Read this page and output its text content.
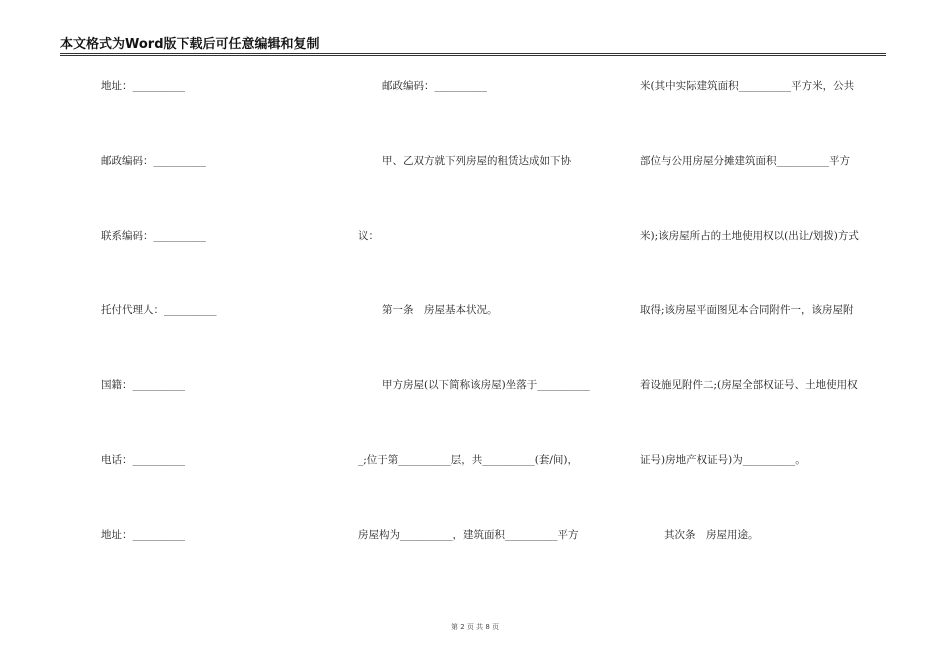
本文格式为Word版下载后可任意编辑和复制
地址：__________
邮政编码：__________
联系编码：__________
托付代理人：__________
国籍：__________
电话：__________
地址：__________
邮政编码：__________
甲、乙双方就下列房屋的租赁达成如下协
议：
第一条　房屋基本状况。
甲方房屋(以下简称该房屋)坐落于__________
_;位于第__________层，共__________(套/间)，
房屋构为__________，建筑面积__________平方
米(其中实际建筑面积__________平方米，公共
部位与公用房屋分摊建筑面积__________平方
米);该房屋所占的土地使用权以(出让/划拨)方式
取得;该房屋平面图见本合同附件一，该房屋附
着设施见附件二;(房屋全部权证号、土地使用权
证号)房地产权证号)为__________。
其次条　房屋用途。
第 2 页 共 8 页
